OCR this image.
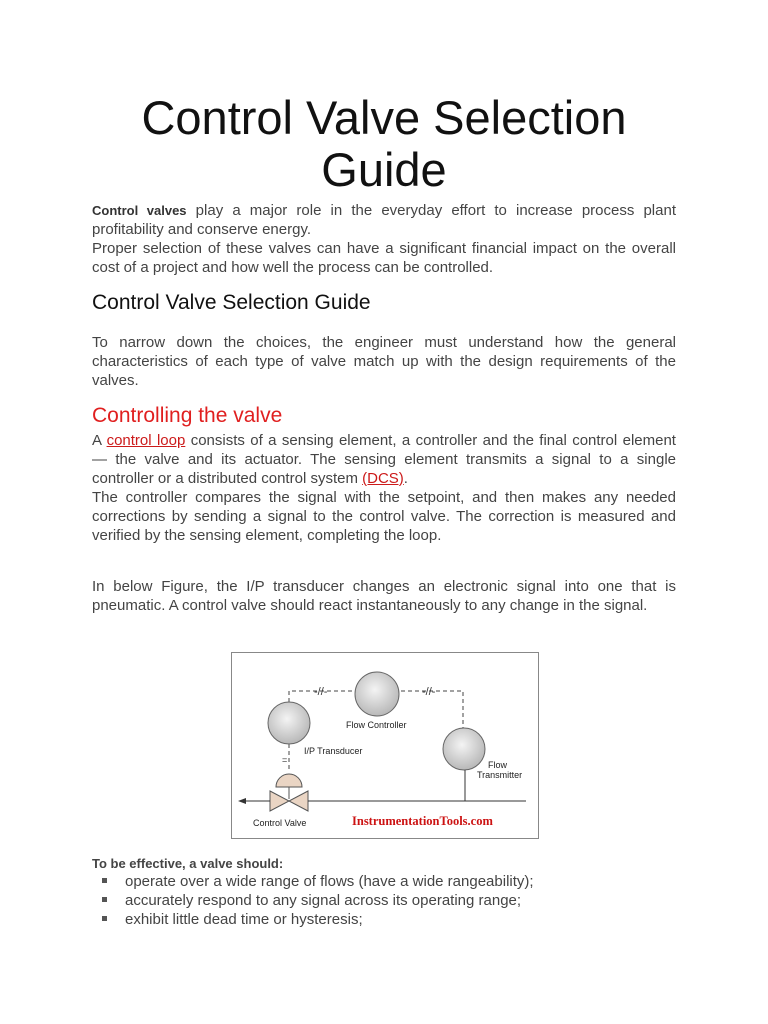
Control Valve Selection
Guide
Control valves play a major role in the everyday effort to increase process plant profitability and conserve energy.
Proper selection of these valves can have a significant financial impact on the overall cost of a project and how well the process can be controlled.
Control Valve Selection Guide
To narrow down the choices, the engineer must understand how the general characteristics of each type of valve match up with the design requirements of the valves.
Controlling the valve
A control loop consists of a sensing element, a controller and the final control element — the valve and its actuator. The sensing element transmits a signal to a single controller or a distributed control system (DCS).
The controller compares the signal with the setpoint, and then makes any needed corrections by sending a signal to the control valve. The correction is measured and verified by the sensing element, completing the loop.
In below Figure, the I/P transducer changes an electronic signal into one that is pneumatic. A control valve should react instantaneously to any change in the signal.
-//-	-//-
=
Flow Controller
I/P Transducer
Flow
Transmitter
Control Valve	InstrumentationTools.com
To be effective, a valve should:
operate over a wide range of flows (have a wide rangeability);
accurately respond to any signal across its operating range;
exhibit little dead time or hysteresis;
